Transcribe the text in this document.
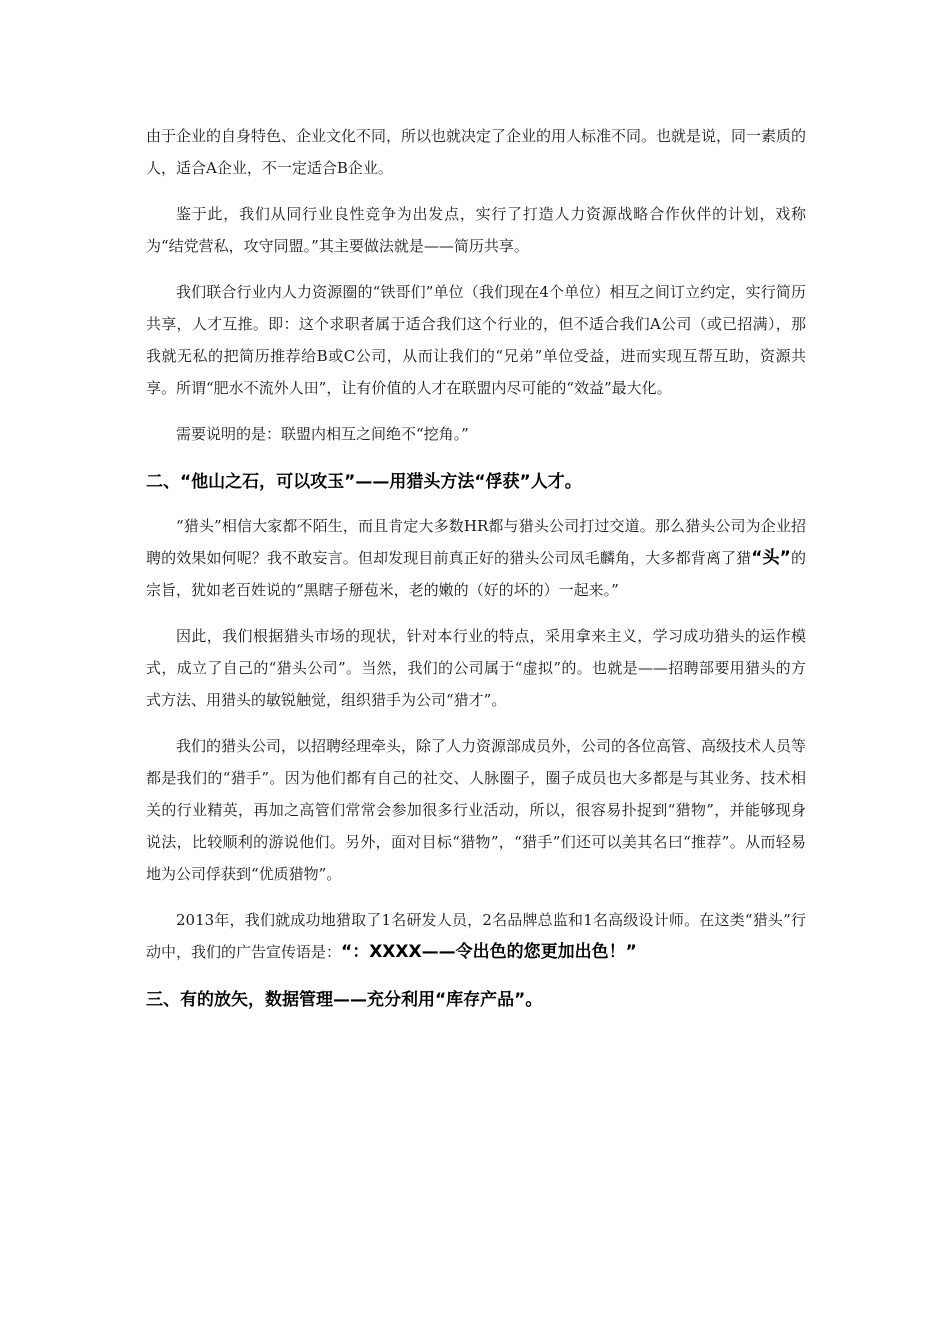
由于企业的自身特色、企业文化不同，所以也就决定了企业的用人标准不同。也就是说，同一素质的人，适合A企业，不一定适合B企业。

鉴于此，我们从同行业良性竞争为出发点，实行了打造人力资源战略合作伙伴的计划，戏称为“结党营私，攻守同盟。”其主要做法就是——简历共享。

我们联合行业内人力资源圈的“铁哥们”单位（我们现在4个单位）相互之间订立约定，实行简历共享，人才互推。即：这个求职者属于适合我们这个行业的，但不适合我们A公司（或已招满），那我就无私的把简历推荐给B或C公司，从而让我们的“兄弟”单位受益，进而实现互帮互助，资源共享。所谓“肥水不流外人田”，让有价值的人才在联盟内尽可能的“效益”最大化。

需要说明的是：联盟内相互之间绝不“挖角。”

二、“他山之石，可以攻玉”——用猎头方法“俘获”人才。

“猎头”相信大家都不陌生，而且肯定大多数HR都与猎头公司打过交道。那么猎头公司为企业招聘的效果如何呢？我不敢妄言。但却发现目前真正好的猎头公司凤毛麟角，大多都背离了猎“头”的宗旨，犹如老百姓说的“黑瞎子掰苞米，老的嫩的（好的坏的）一起来。”

因此，我们根据猎头市场的现状，针对本行业的特点，采用拿来主义，学习成功猎头的运作模式，成立了自己的“猎头公司”。当然，我们的公司属于“虚拟”的。也就是——招聘部要用猎头的方式方法、用猎头的敏锐触觉，组织猎手为公司“猎才”。

我们的猎头公司，以招聘经理牵头，除了人力资源部成员外，公司的各位高管、高级技术人员等都是我们的“猎手”。因为他们都有自己的社交、人脉圈子，圈子成员也大多都是与其业务、技术相关的行业精英，再加之高管们常常会参加很多行业活动，所以，很容易扑捉到“猎物”，并能够现身说法，比较顺利的游说他们。另外，面对目标“猎物”，“猎手”们还可以美其名曰“推荐”。从而轻易地为公司俘获到“优质猎物”。

2013年，我们就成功地猎取了1名研发人员，2名品牌总监和1名高级设计师。在这类“猎头”行动中，我们的广告宣传语是：“：XXXX——令出色的您更加出色！”

三、有的放矢，数据管理——充分利用“库存产品”。
